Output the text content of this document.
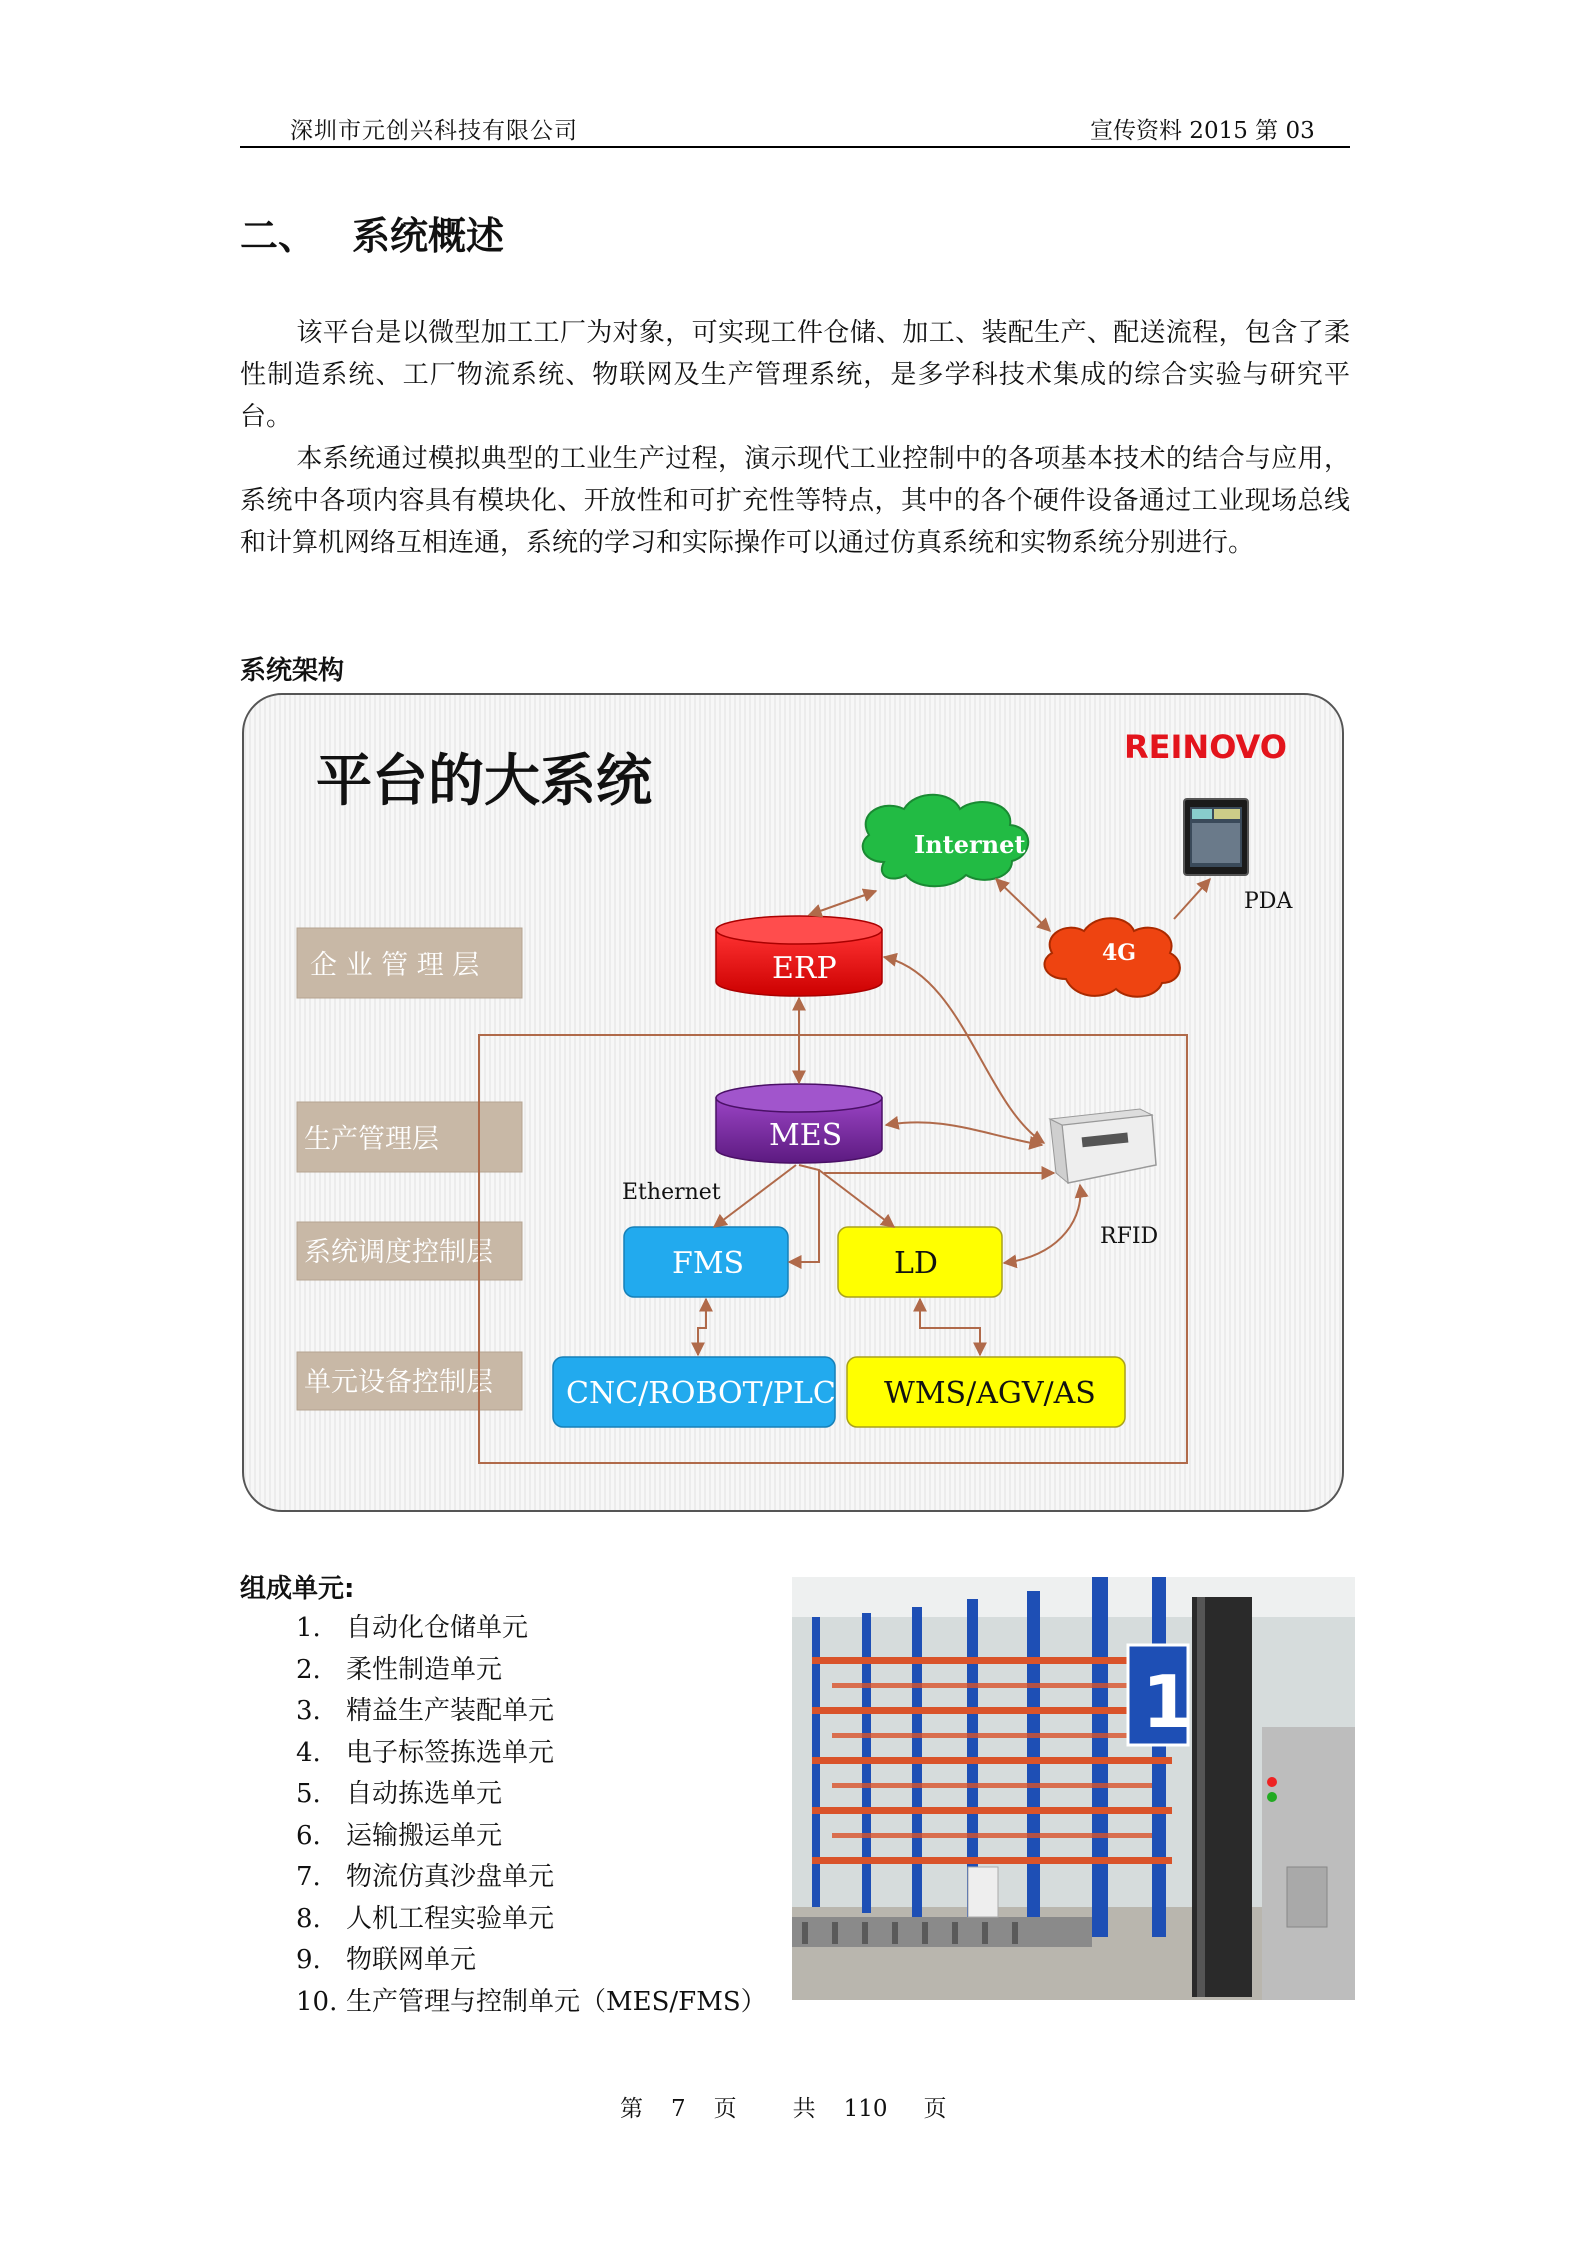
深圳市元创兴科技有限公司	宣传资料 2015 第 03
二、 系统概述
该平台是以微型加工工厂为对象，可实现工件仓储、加工、装配生产、配送流程，包含了柔性制造系统、工厂物流系统、物联网及生产管理系统，是多学科技术集成的综合实验与研究平台。
本系统通过模拟典型的工业生产过程，演示现代工业控制中的各项基本技术的结合与应用，系统中各项内容具有模块化、开放性和可扩充性等特点，其中的各个硬件设备通过工业现场总线和计算机网络互相连通，系统的学习和实际操作可以通过仿真系统和实物系统分别进行。
系统架构
平台的大系统
REINOVO
企 业 管 理 层
生产管理层
系统调度控制层
单元设备控制层
Internet
4G
PDA
ERP
MES
RFID
Ethernet
FMS	LD
CNC/ROBOT/PLC WMS/AGV/AS
组成单元:
1. 自动化仓储单元
2. 柔性制造单元
3. 精益生产装配单元
4. 电子标签拣选单元
5. 自动拣选单元
6. 运输搬运单元
7. 物流仿真沙盘单元
8. 人机工程实验单元
9. 物联网单元
10. 生产管理与控制单元（MES/FMS）
1
第 7 页 共 110 页
